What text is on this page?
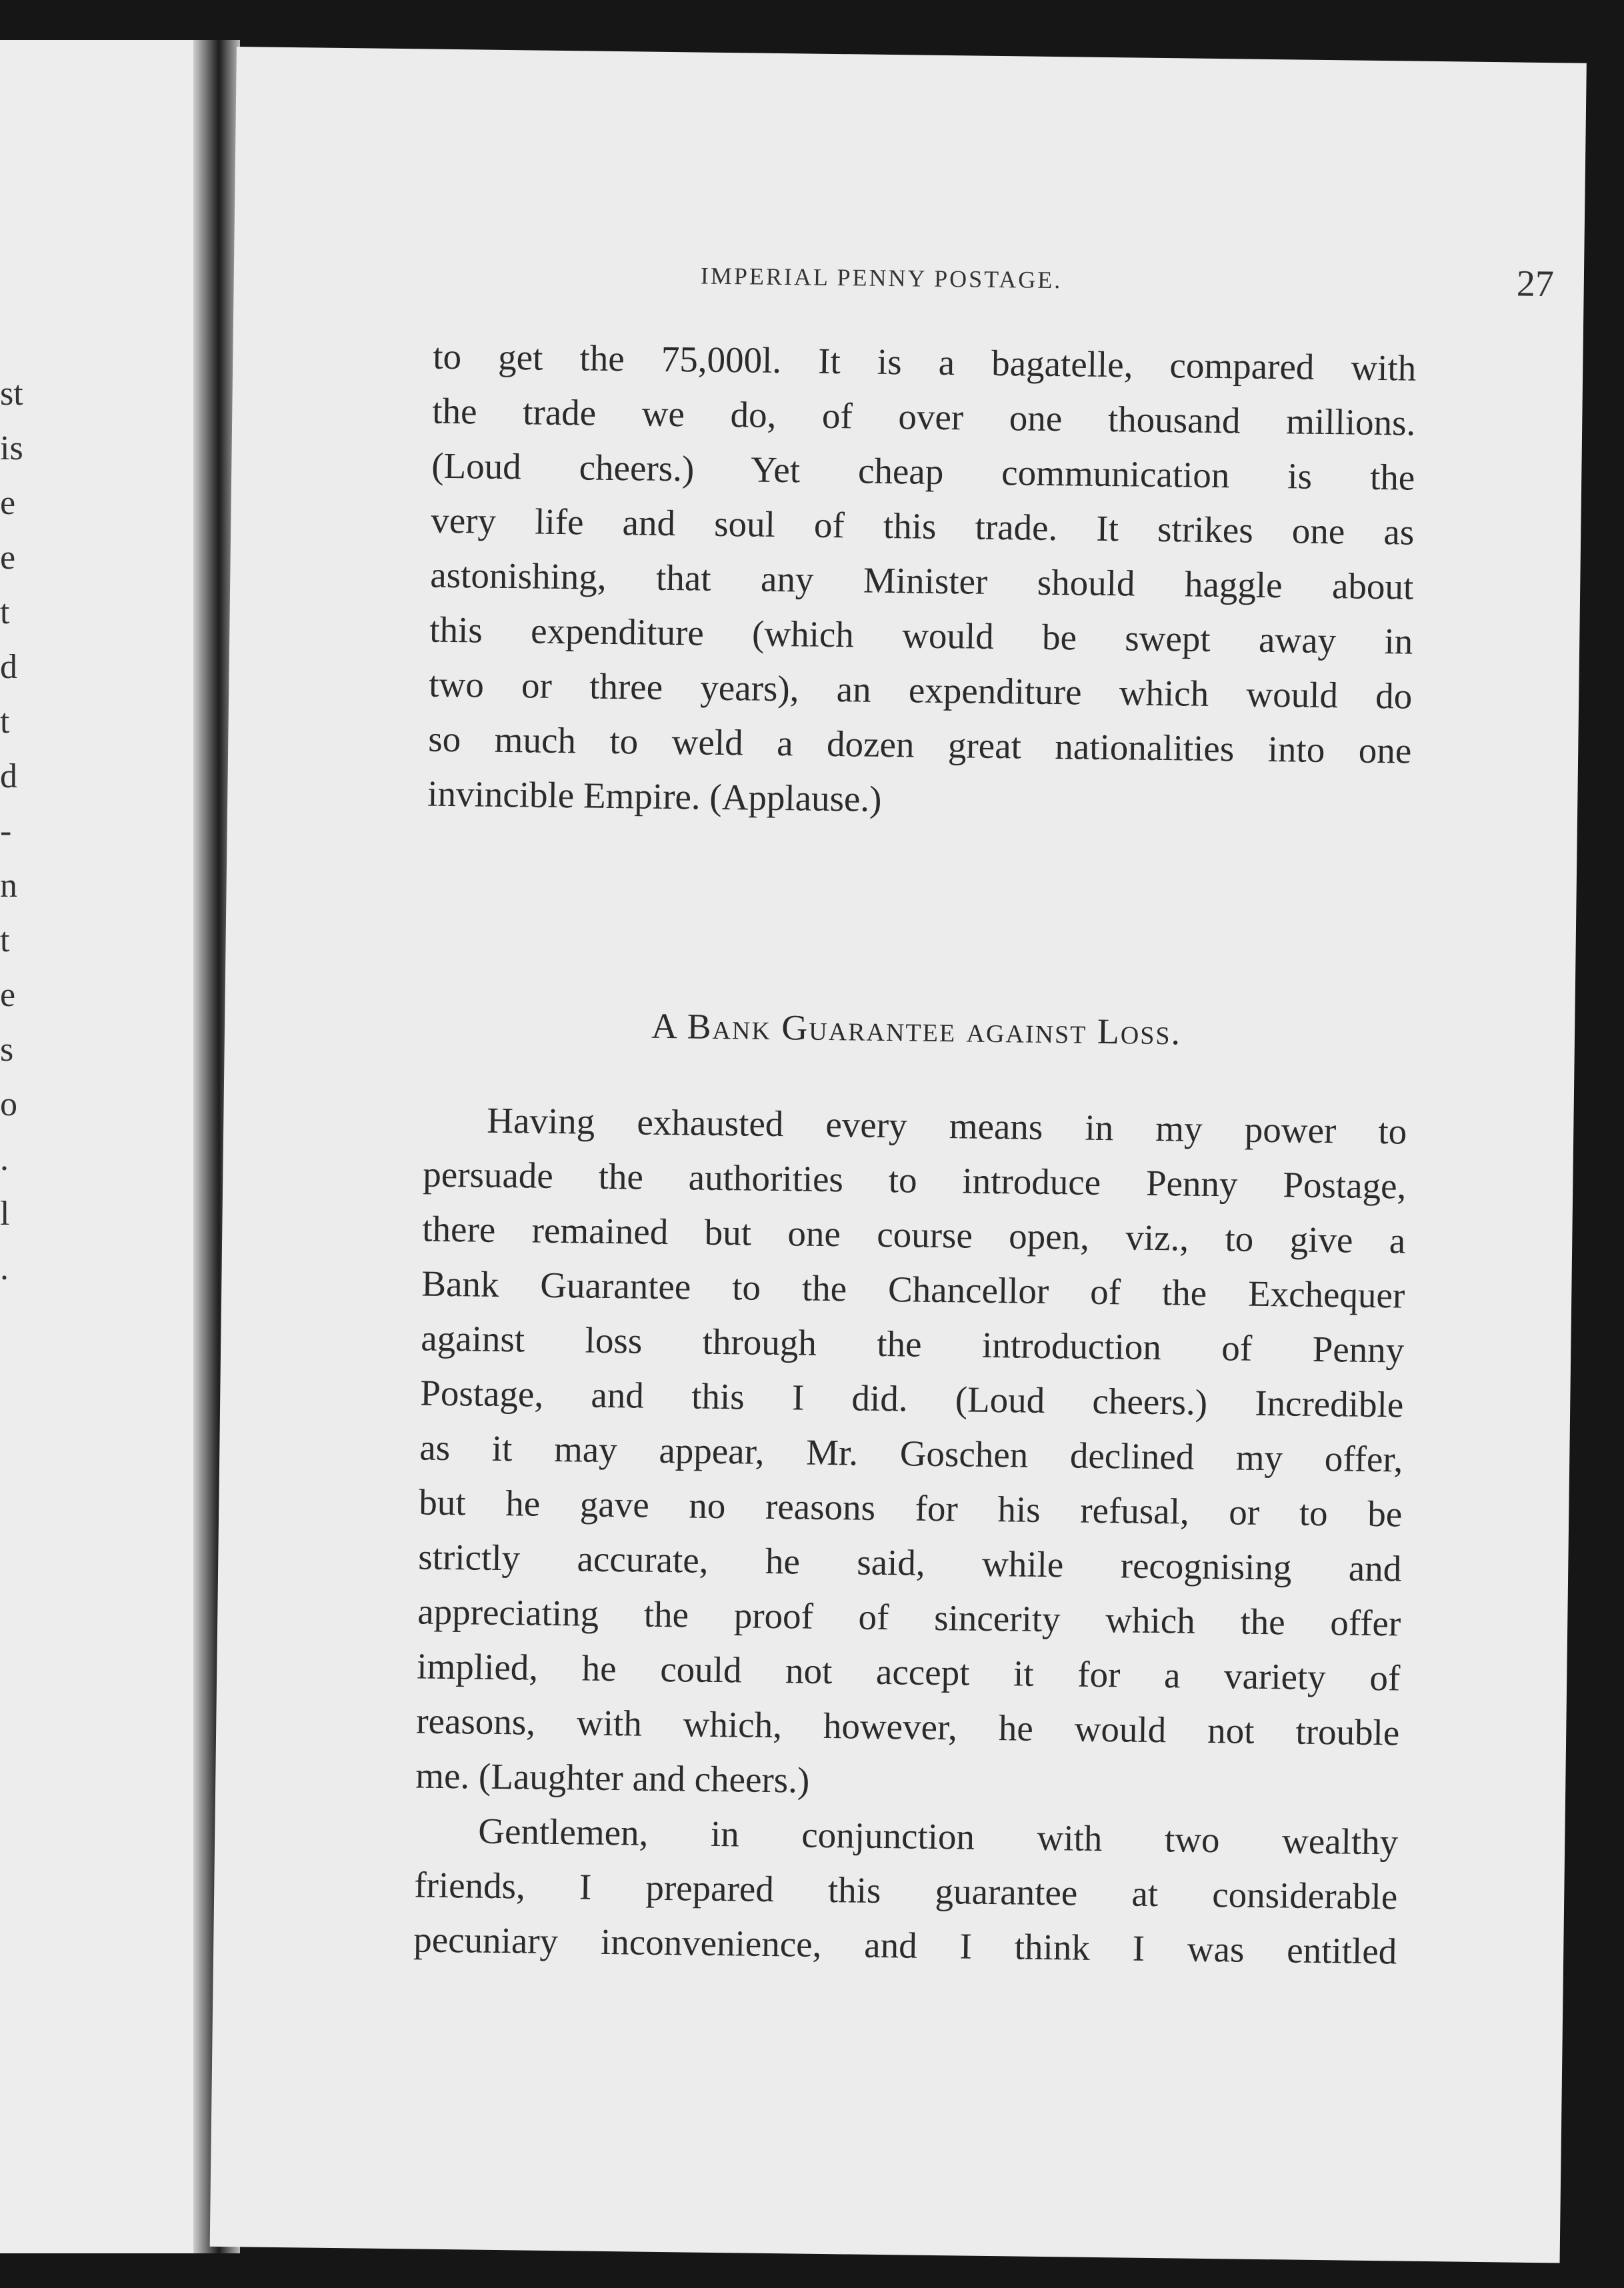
st
is
e
e
t
d
t
d
-
n
t
e
s
o
.
l
.
IMPERIAL PENNY POSTAGE.	27
to get the 75,000l. It is a bagatelle, compared with
the trade we do, of over one thousand millions.
(Loud cheers.) Yet cheap communication is the
very life and soul of this trade. It strikes one as
astonishing, that any Minister should haggle about
this expenditure (which would be swept away in
two or three years), an expenditure which would do
so much to weld a dozen great nationalities into one
invincible Empire. (Applause.)
A Bank Guarantee against Loss.
Having exhausted every means in my power to
persuade the authorities to introduce Penny Postage,
there remained but one course open, viz., to give a
Bank Guarantee to the Chancellor of the Exchequer
against loss through the introduction of Penny
Postage, and this I did. (Loud cheers.) Incredible
as it may appear, Mr. Goschen declined my offer,
but he gave no reasons for his refusal, or to be
strictly accurate, he said, while recognising and
appreciating the proof of sincerity which the offer
implied, he could not accept it for a variety of
reasons, with which, however, he would not trouble
me. (Laughter and cheers.)
Gentlemen, in conjunction with two wealthy
friends, I prepared this guarantee at considerable
pecuniary inconvenience, and I think I was entitled
